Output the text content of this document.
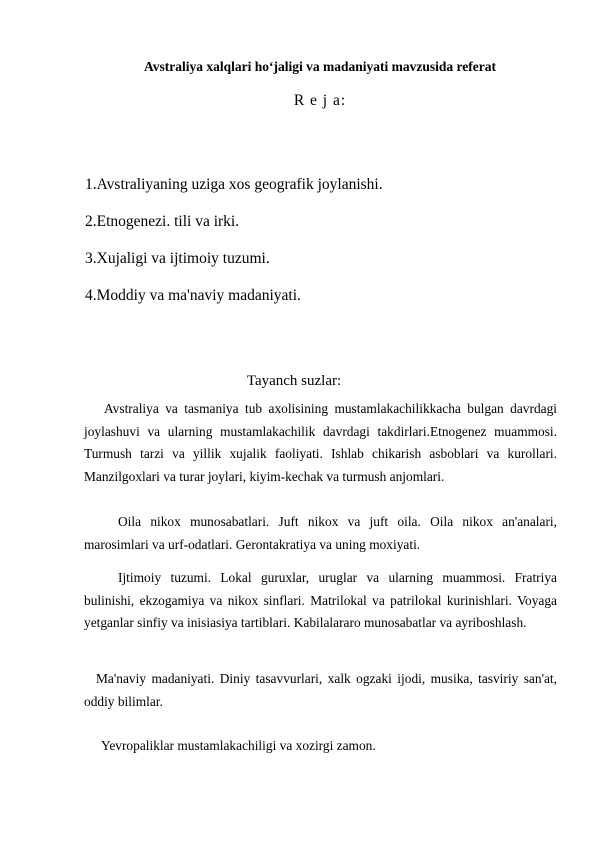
Avstraliya xalqlari ho‘jaligi va madaniyati mavzusida referat
R e j a:
1.Avstraliyaning uziga xos geografik joylanishi.
2.Etnogenezi. tili va irki.
3.Xujaligi va ijtimoiy tuzumi.
4.Moddiy va ma'naviy madaniyati.
Tayanch suzlar:
Avstraliya va tasmaniya tub axolisining mustamlakachilikkacha bulgan davrdagi joylashuvi va ularning mustamlakachilik davrdagi takdirlari.Etnogenez muammosi. Turmush tarzi va yillik xujalik faoliyati. Ishlab chikarish asboblari va kurollari. Manzilgoxlari va turar joylari, kiyim-kechak va turmush anjomlari.
Oila nikox munosabatlari. Juft nikox va juft oila. Oila nikox an'analari, marosimlari va urf-odatlari. Gerontakratiya va uning moxiyati.
Ijtimoiy tuzumi. Lokal guruxlar, uruglar va ularning muammosi. Fratriya bulinishi, ekzogamiya va nikox sinflari. Matrilokal va patrilokal kurinishlari. Voyaga yetganlar sinfiy va inisiasiya tartiblari. Kabilalararo munosabatlar va ayriboshlash.
Ma'naviy madaniyati. Diniy tasavvurlari, xalk ogzaki ijodi, musika, tasviriy san'at, oddiy bilimlar.
Yevropaliklar mustamlakachiligi va xozirgi zamon.
